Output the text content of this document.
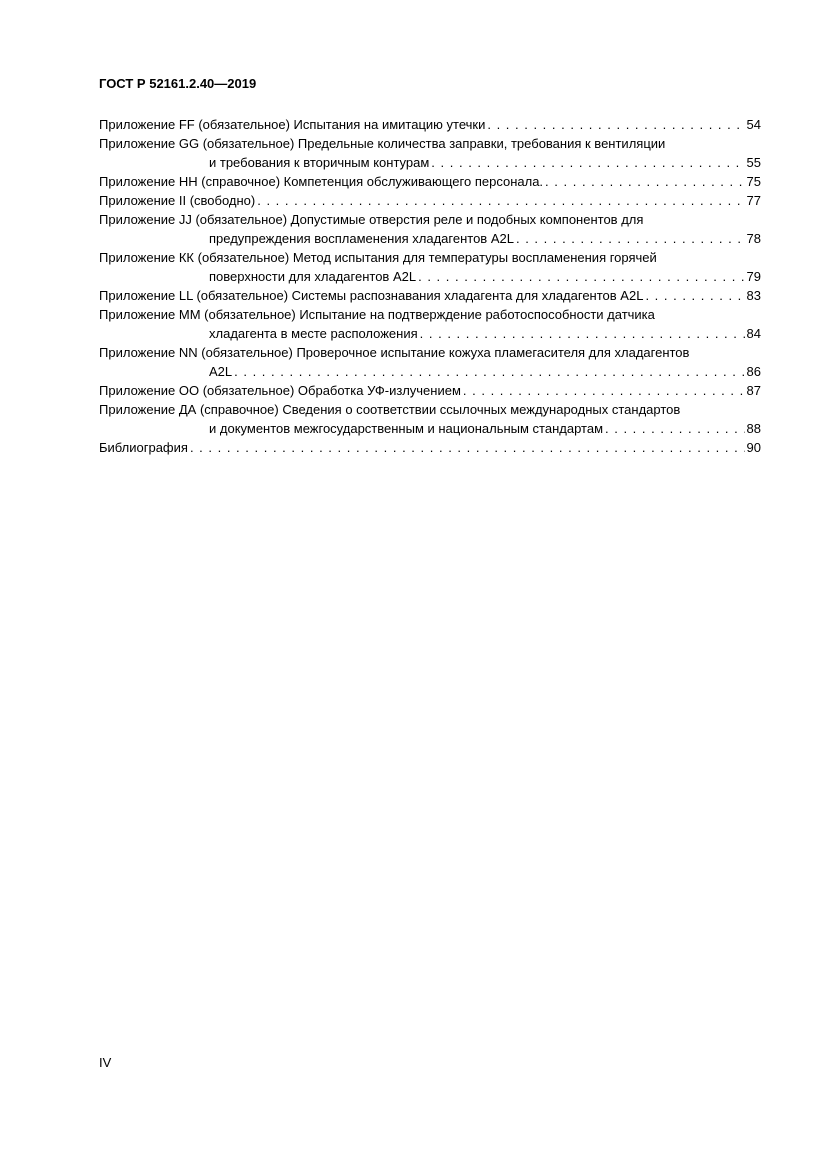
ГОСТ Р 52161.2.40—2019
Приложение FF (обязательное) Испытания на имитацию утечки . . .	54
Приложение GG (обязательное) Предельные количества заправки, требования к вентиляции
и требования к вторичным контурам . . .	55
Приложение НН (справочное) Компетенция обслуживающего персонала. . . .	75
Приложение II (свободно) . . .	77
Приложение JJ (обязательное) Допустимые отверстия реле и подобных компонентов для
предупреждения воспламенения хладагентов A2L . . .	78
Приложение КК (обязательное) Метод испытания для температуры воспламенения горячей
поверхности для хладагентов A2L . . .	79
Приложение LL (обязательное) Системы распознавания хладагента для хладагентов A2L . . .	83
Приложение ММ (обязательное) Испытание на подтверждение работоспособности датчика
хладагента в месте расположения . . .	84
Приложение NN (обязательное) Проверочное испытание кожуха пламегасителя для хладагентов
A2L . . .	86
Приложение ОО (обязательное) Обработка УФ-излучением . . .	87
Приложение ДА (справочное) Сведения о соответствии ссылочных международных стандартов
и документов межгосударственным и национальным стандартам . . .	88
Библиография . . .	90
IV
